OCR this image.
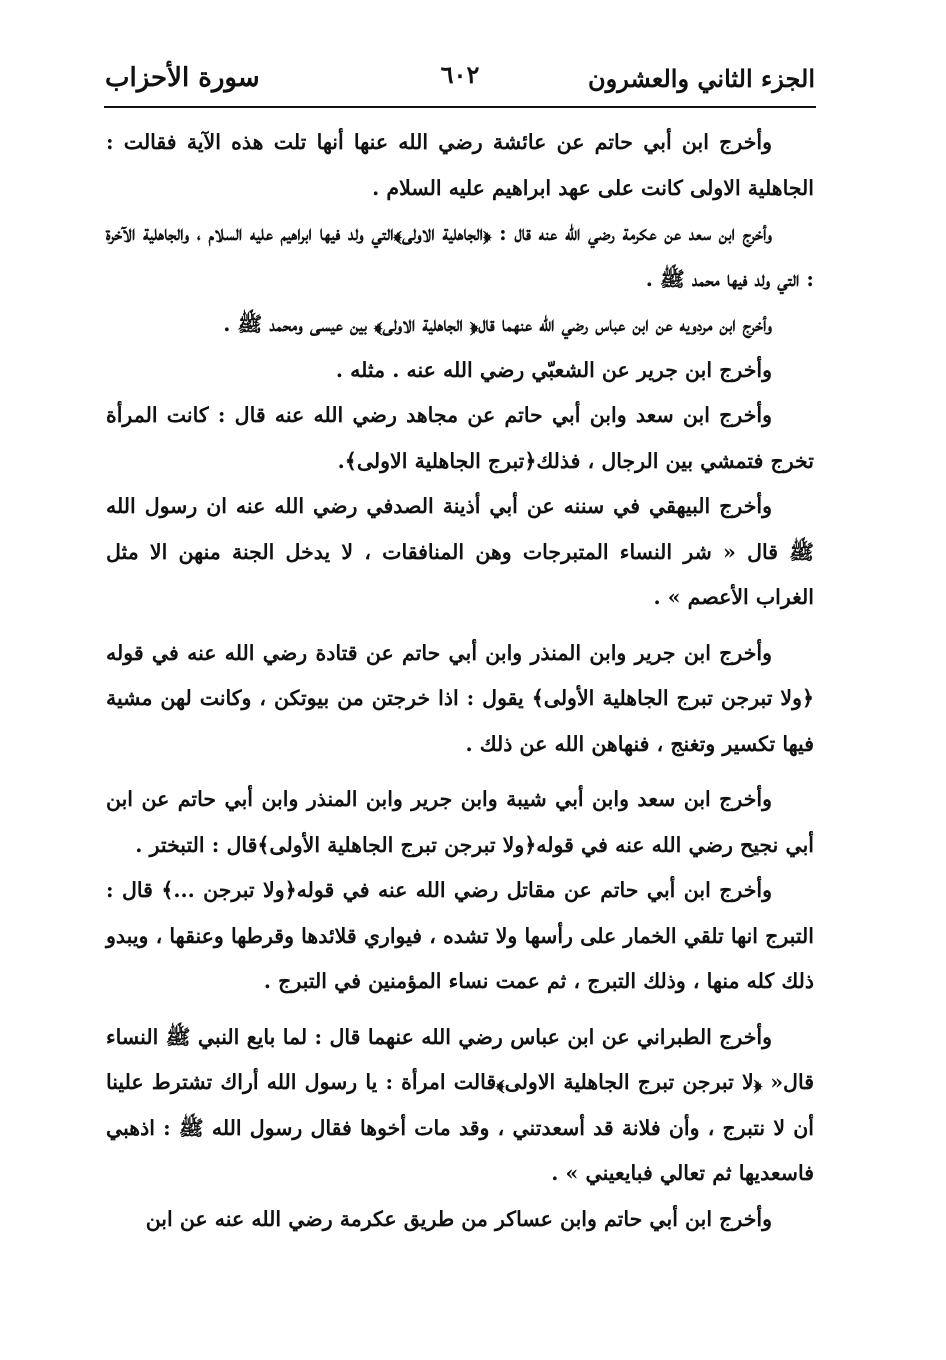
الجزء الثاني والعشرون
٦٠٢
سورة الأحزاب

وأخرج ابن أبي حاتم عن عائشة رضي الله عنها أنها تلت هذه الآية فقالت : الجاهلية الاولى كانت على عهد ابراهيم عليه السلام .

وأخرج ابن سعد عن عكرمة رضي الله عنه قال : ﴿الجاهلية الاولى﴾التي ولد فيها ابراهيم عليه السلام ، والجاهلية الآخرة : التي ولد فيها محمد ﷺ .

وأخرج ابن مردويه عن ابن عباس رضي الله عنهما قال﴿ الجاهلية الاولى﴾ بين عيسى ومحمد ﷺ .

وأخرج ابن جرير عن الشعبّي رضي الله عنه . مثله .

وأخرج ابن سعد وابن أبي حاتم عن مجاهد رضي الله عنه قال : كانت المرأة تخرج فتمشي بين الرجال ، فذلك﴿تبرج الجاهلية الاولى﴾.

وأخرج البيهقي في سننه عن أبي أذينة الصدفي رضي الله عنه ان رسول الله ﷺ قال « شر النساء المتبرجات وهن المنافقات ، لا يدخل الجنة منهن الا مثل الغراب الأعصم » .

وأخرج ابن جرير وابن المنذر وابن أبي حاتم عن قتادة رضي الله عنه في قوله ﴿ولا تبرجن تبرج الجاهلية الأولى﴾ يقول : اذا خرجتن من بيوتكن ، وكانت لهن مشية فيها تكسير وتغنج ، فنهاهن الله عن ذلك .

وأخرج ابن سعد وابن أبي شيبة وابن جرير وابن المنذر وابن أبي حاتم عن ابن أبي نجيح رضي الله عنه في قوله﴿ولا تبرجن تبرج الجاهلية الأولى﴾قال : التبختر .

وأخرج ابن أبي حاتم عن مقاتل رضي الله عنه في قوله﴿ولا تبرجن ...﴾ قال : التبرج انها تلقي الخمار على رأسها ولا تشده ، فيواري قلائدها وقرطها وعنقها ، ويبدو ذلك كله منها ، وذلك التبرج ، ثم عمت نساء المؤمنين في التبرج .

وأخرج الطبراني عن ابن عباس رضي الله عنهما قال : لما بايع النبي ﷺ النساء قال« ﴿لا تبرجن تبرج الجاهلية الاولى﴾قالت امرأة : يا رسول الله أراك تشترط علينا أن لا نتبرج ، وأن فلانة قد أسعدتني ، وقد مات أخوها فقال رسول الله ﷺ : اذهبي فاسعديها ثم تعالي فبايعيني » .

وأخرج ابن أبي حاتم وابن عساكر من طريق عكرمة رضي الله عنه عن ابن
